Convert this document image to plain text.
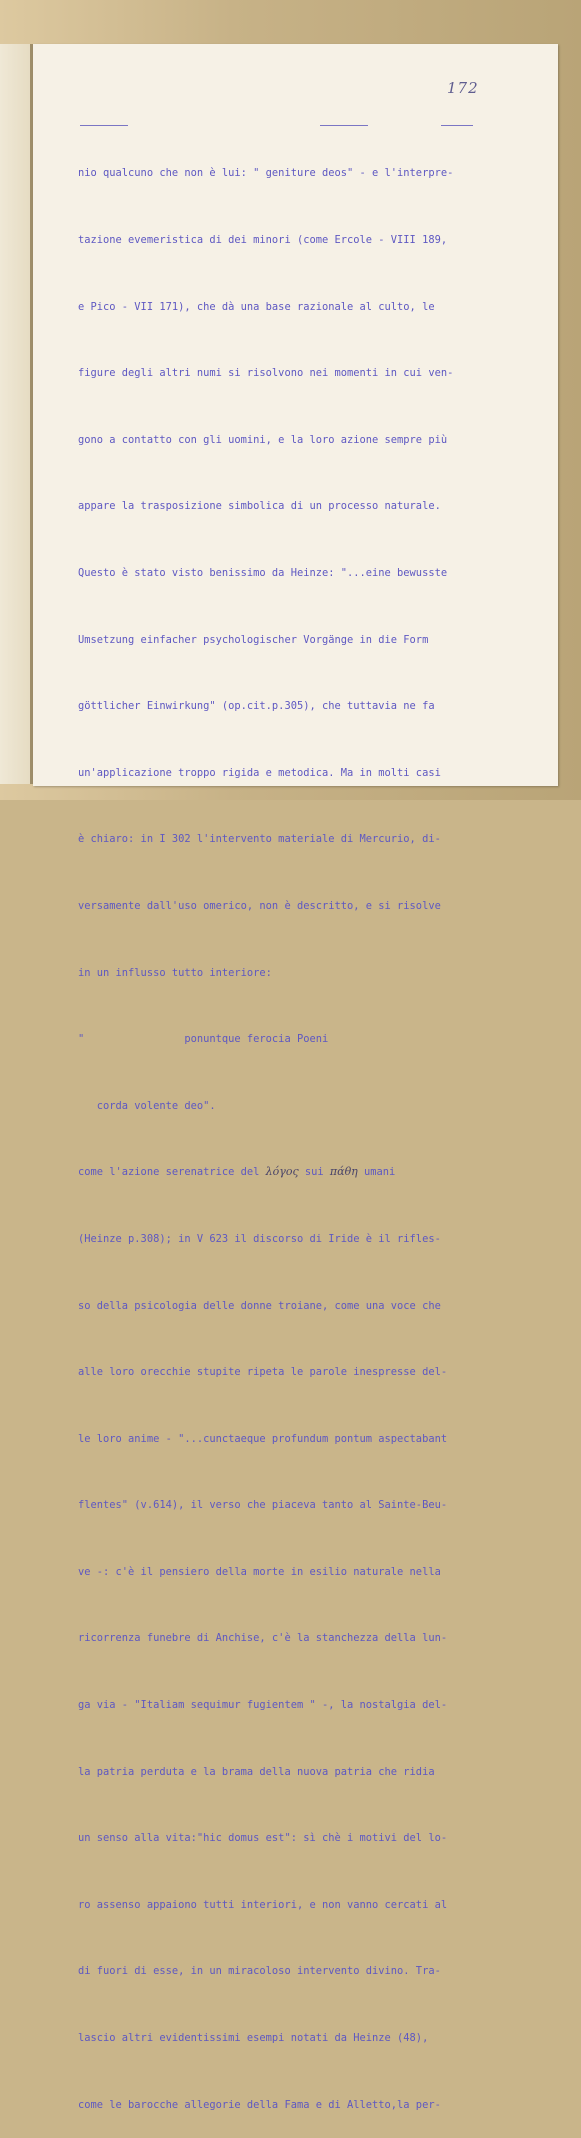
172

nio qualcuno che non è lui: " geniture deos" - e l'interpre-

tazione evemeristica di dei minori (come Ercole - VIII 189,

e Pico - VII 171), che dà una base razionale al culto, le

figure degli altri numi si risolvono nei momenti in cui ven-

gono a contatto con gli uomini, e la loro azione sempre più

appare la trasposizione simbolica di un processo naturale.

Questo è stato visto benissimo da Heinze: "...eine bewusste

Umsetzung einfacher psychologischer Vorgänge in die Form

göttlicher Einwirkung" (op.cit.p.305), che tuttavia ne fa

un'applicazione troppo rigida e metodica. Ma in molti casi

è chiaro: in I 302 l'intervento materiale di Mercurio, di-

versamente dall'uso omerico, non è descritto, e si risolve

in un influsso tutto interiore:

"                ponuntque ferocia Poeni

corda volente deo".

come l'azione serenatrice del λόγος sui πάθη umani

(Heinze p.308); in V 623 il discorso di Iride è il rifles-

so della psicologia delle donne troiane, come una voce che

alle loro orecchie stupite ripeta le parole inespresse del-

le loro anime - "...cunctaeque profundum pontum aspectabant

flentes" (v.614), il verso che piaceva tanto al Sainte-Beu-

ve -: c'è il pensiero della morte in esilio naturale nella

ricorrenza funebre di Anchise, c'è la stanchezza della lun-

ga via - "Italiam sequimur fugientem " -, la nostalgia del-

la patria perduta e la brama della nuova patria che ridia

un senso alla vita:"hic domus est": sì chè i motivi del lo-

ro assenso appaiono tutti interiori, e non vanno cercati al

di fuori di esse, in un miracoloso intervento divino. Tra-

lascio altri evidentissimi esempi notati da Heinze (48),

come le barocche allegorie della Fama e di Alletto,la per-
